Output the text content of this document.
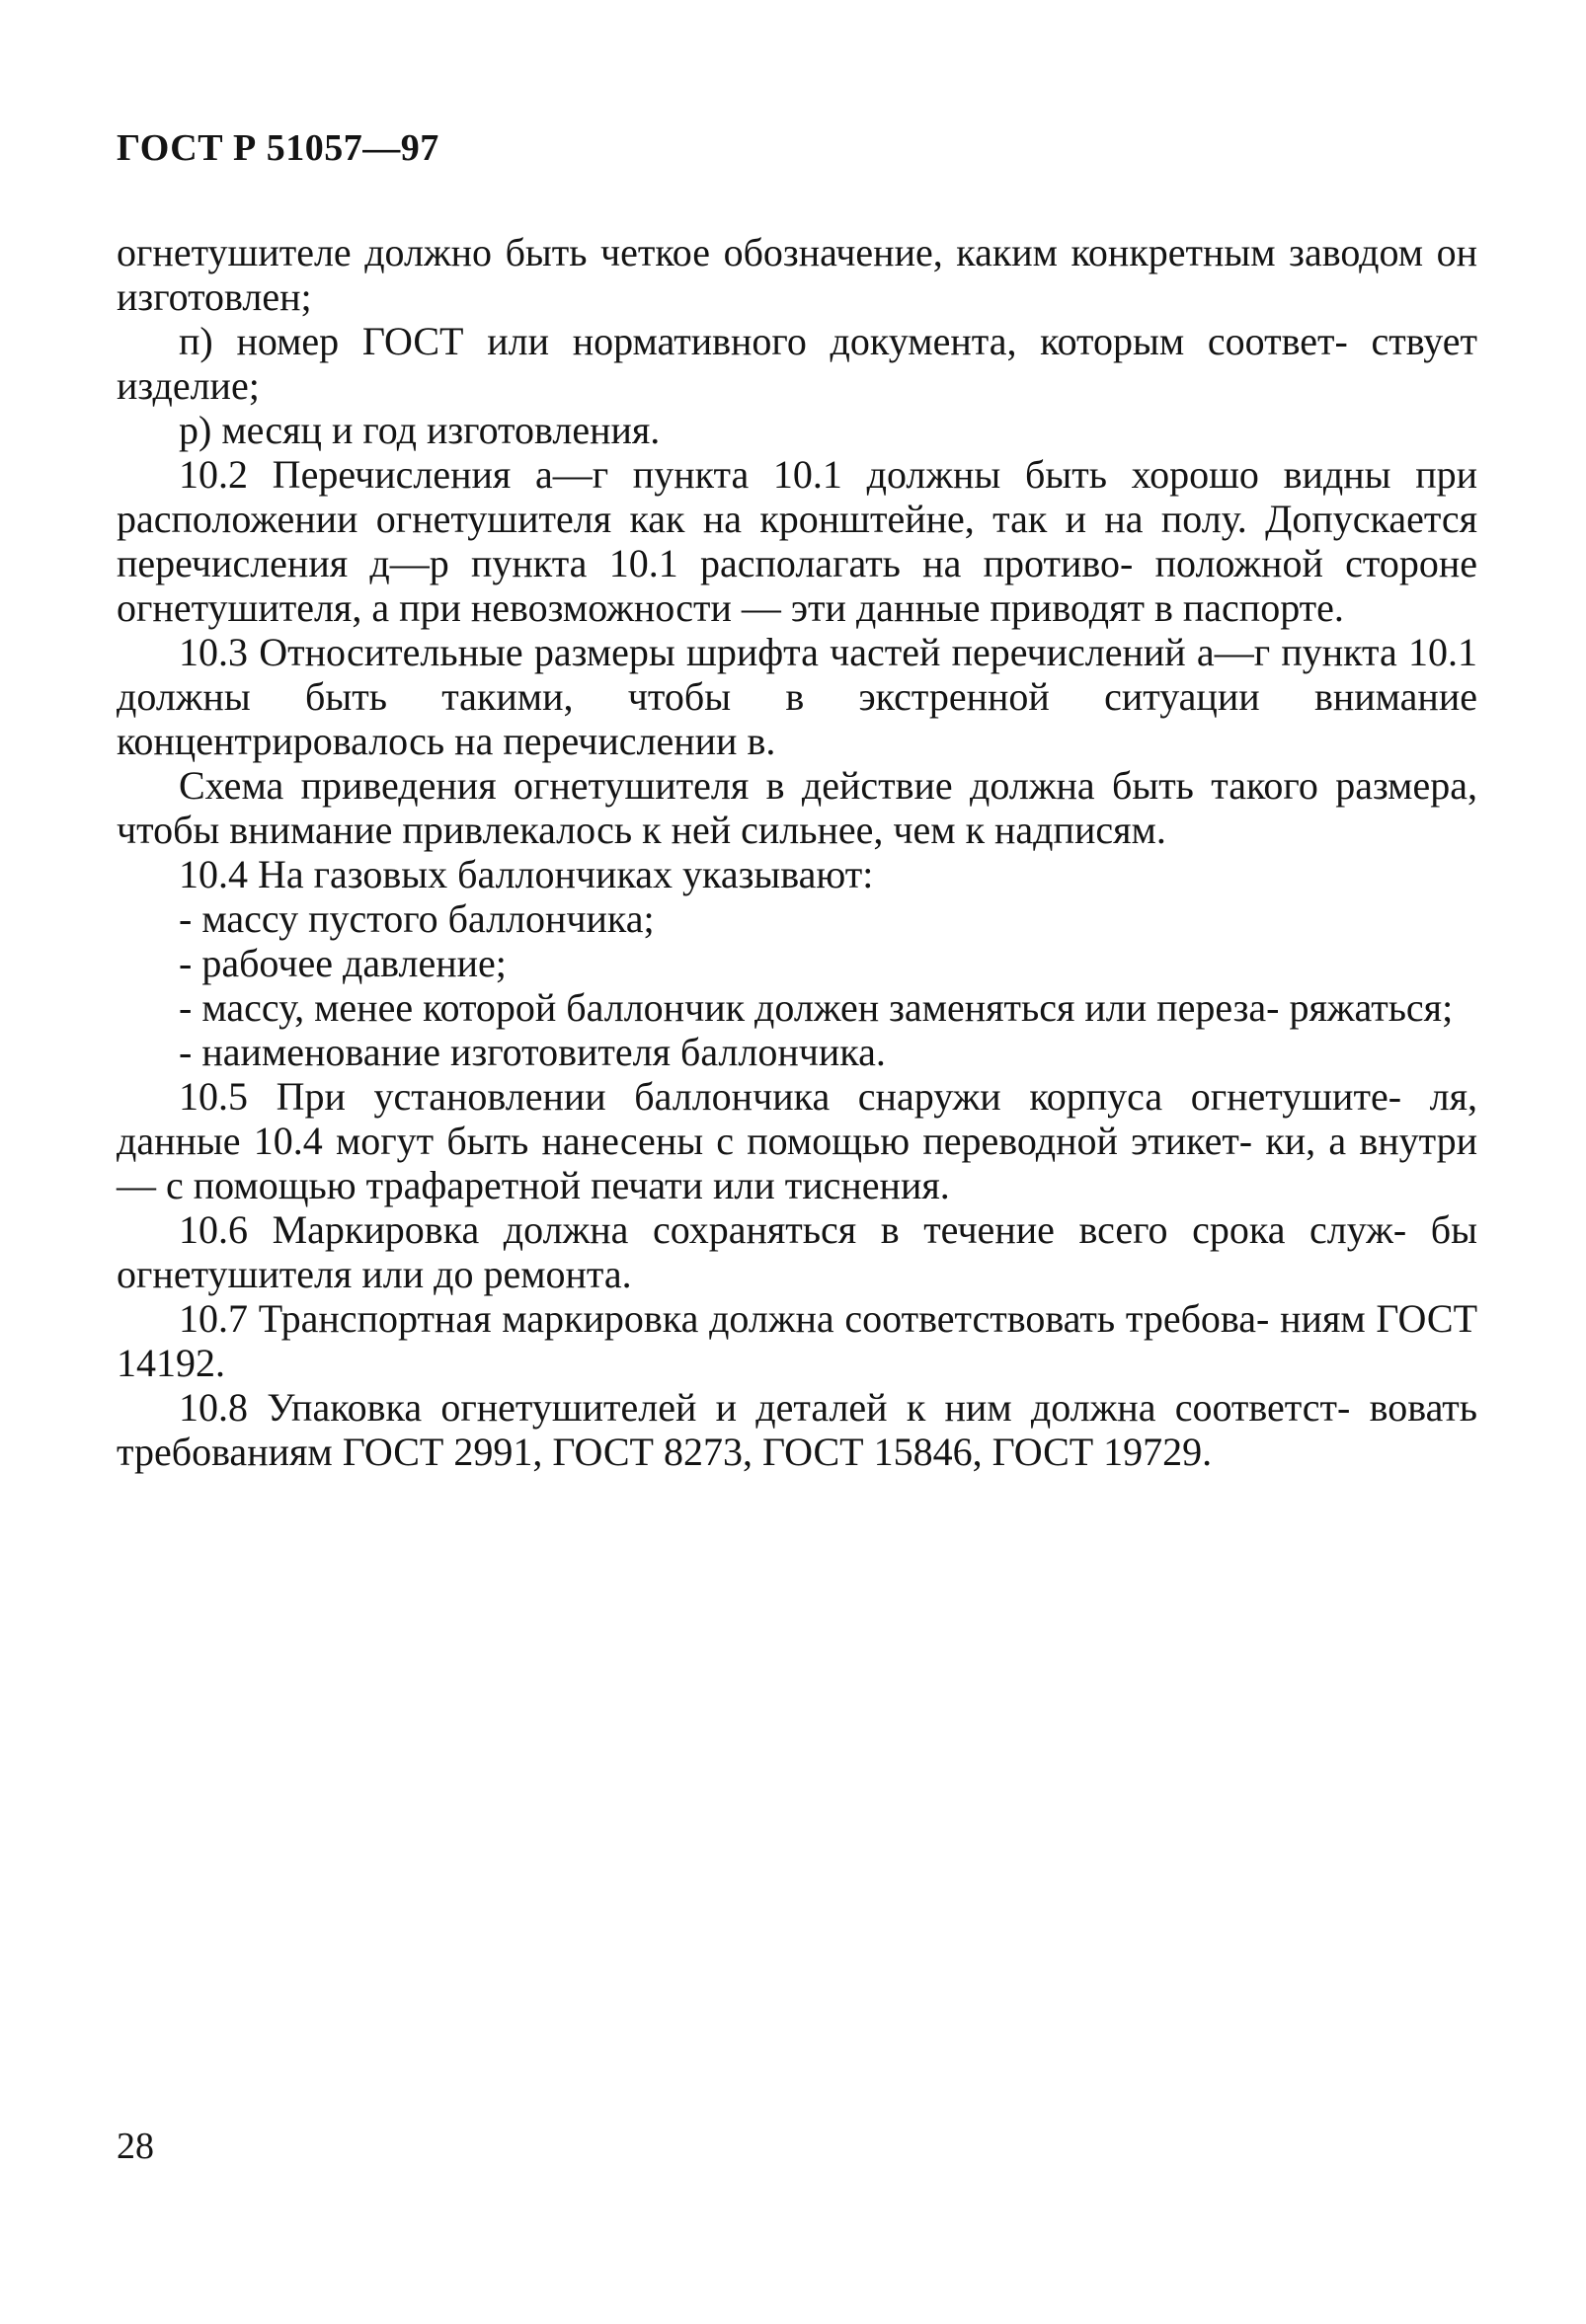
ГОСТ Р 51057—97

огнетушителе должно быть четкое обозначение, каким конкретным заводом он изготовлен;

п) номер ГОСТ или нормативного документа, которым соответ- ствует изделие;

р) месяц и год изготовления.

10.2 Перечисления а—г пункта 10.1 должны быть хорошо видны при расположении огнетушителя как на кронштейне, так и на полу. Допускается перечисления д—р пункта 10.1 располагать на противо- положной стороне огнетушителя, а при невозможности — эти данные приводят в паспорте.

10.3 Относительные размеры шрифта частей перечислений а—г пункта 10.1 должны быть такими, чтобы в экстренной ситуации внимание концентрировалось на перечислении в.

Схема приведения огнетушителя в действие должна быть такого размера, чтобы внимание привлекалось к ней сильнее, чем к надписям.

10.4 На газовых баллончиках указывают:

- массу пустого баллончика;

- рабочее давление;

- массу, менее которой баллончик должен заменяться или переза- ряжаться;

- наименование изготовителя баллончика.

10.5 При установлении баллончика снаружи корпуса огнетушите- ля, данные 10.4 могут быть нанесены с помощью переводной этикет- ки, а внутри — с помощью трафаретной печати или тиснения.

10.6 Маркировка должна сохраняться в течение всего срока служ- бы огнетушителя или до ремонта.

10.7 Транспортная маркировка должна соответствовать требова- ниям ГОСТ 14192.

10.8 Упаковка огнетушителей и деталей к ним должна соответст- вовать требованиям ГОСТ 2991, ГОСТ 8273, ГОСТ 15846, ГОСТ 19729.

28
